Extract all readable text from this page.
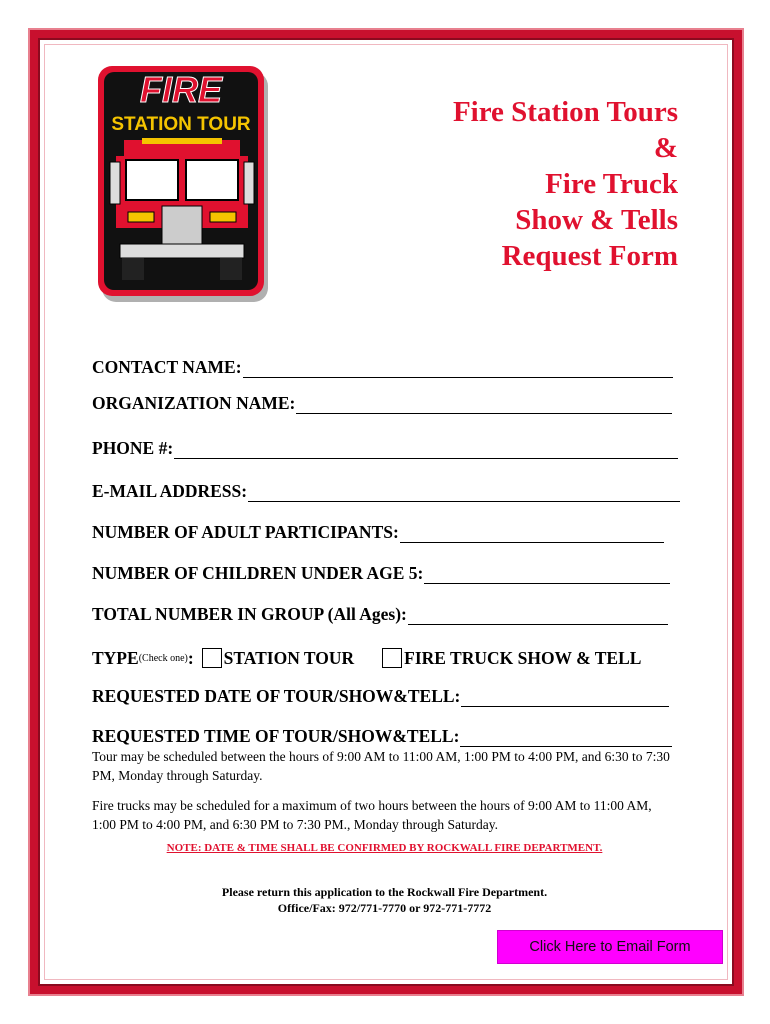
FIRE
STATION TOUR	Fire Station Tours
&
Fire Truck
Show & Tells
Request Form
CONTACT NAME:
ORGANIZATION NAME:
PHONE #:
E-MAIL ADDRESS:
NUMBER OF ADULT PARTICIPANTS:
NUMBER OF CHILDREN UNDER AGE 5:
TOTAL NUMBER IN GROUP (All Ages):
TYPE (Check one) : STATION TOUR	FIRE TRUCK SHOW & TELL
REQUESTED DATE OF TOUR/SHOW&TELL:
REQUESTED TIME OF TOUR/SHOW&TELL:
Tour may be scheduled between the hours of 9:00 AM to 11:00 AM, 1:00 PM to 4:00 PM, and 6:30 to 7:30 PM, Monday through Saturday.
Fire trucks may be scheduled for a maximum of two hours between the hours of 9:00 AM to 11:00 AM, 1:00 PM to 4:00 PM, and 6:30 PM to 7:30 PM., Monday through Saturday.
NOTE: DATE & TIME SHALL BE CONFIRMED BY ROCKWALL FIRE DEPARTMENT.
Please return this application to the Rockwall Fire Department.
Office/Fax: 972/771-7770 or 972-771-7772
Click Here to Email Form
